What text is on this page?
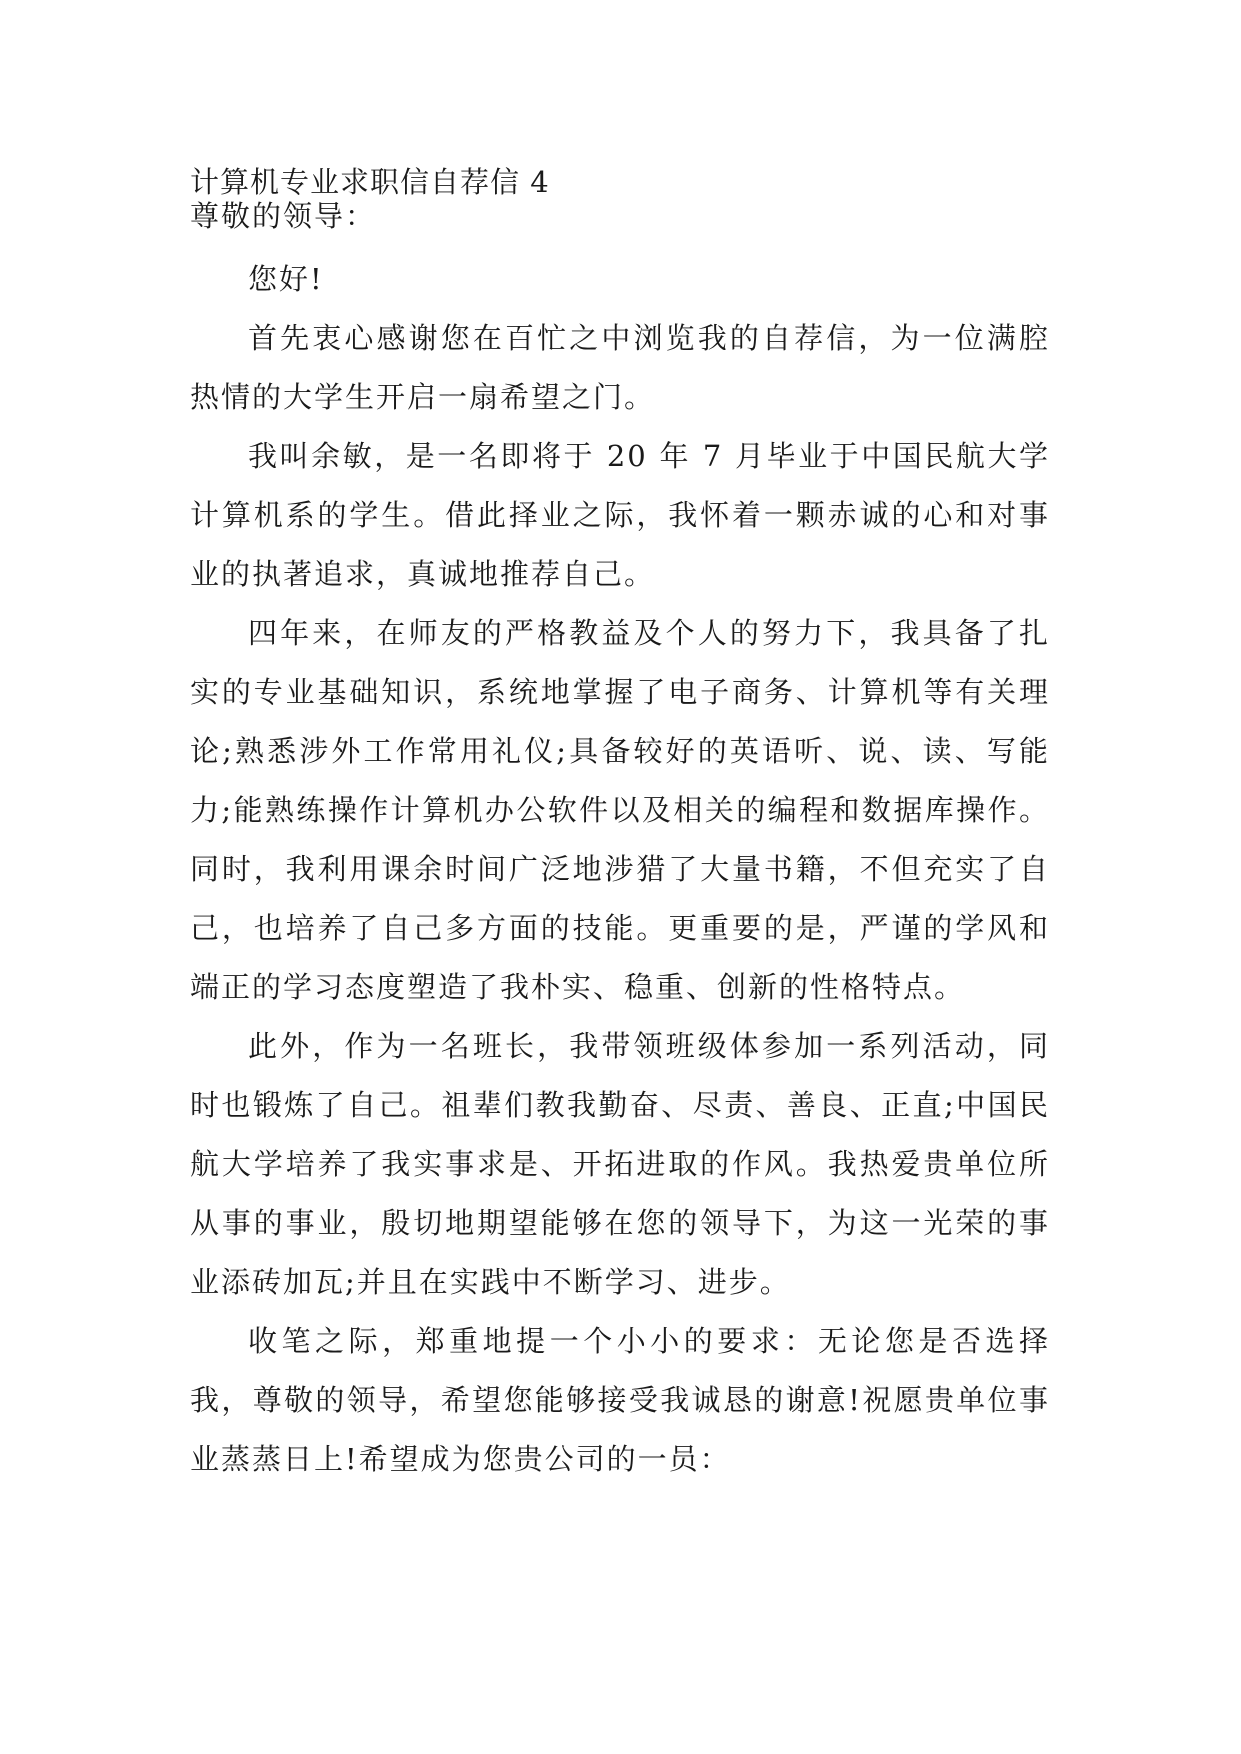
计算机专业求职信自荐信 4
尊敬的领导：

您好!

首先衷心感谢您在百忙之中浏览我的自荐信，为一位满腔热情的大学生开启一扇希望之门。

我叫余敏，是一名即将于 20 年 7 月毕业于中国民航大学计算机系的学生。借此择业之际，我怀着一颗赤诚的心和对事业的执著追求，真诚地推荐自己。

四年来，在师友的严格教益及个人的努力下，我具备了扎实的专业基础知识，系统地掌握了电子商务、计算机等有关理论;熟悉涉外工作常用礼仪;具备较好的英语听、说、读、写能力;能熟练操作计算机办公软件以及相关的编程和数据库操作。同时，我利用课余时间广泛地涉猎了大量书籍，不但充实了自己，也培养了自己多方面的技能。更重要的是，严谨的学风和端正的学习态度塑造了我朴实、稳重、创新的性格特点。

此外，作为一名班长，我带领班级体参加一系列活动，同时也锻炼了自己。祖辈们教我勤奋、尽责、善良、正直;中国民航大学培养了我实事求是、开拓进取的作风。我热爱贵单位所从事的事业，殷切地期望能够在您的领导下，为这一光荣的事业添砖加瓦;并且在实践中不断学习、进步。

收笔之际，郑重地提一个小小的要求：无论您是否选择我，尊敬的领导，希望您能够接受我诚恳的谢意!祝愿贵单位事业蒸蒸日上!希望成为您贵公司的一员：
